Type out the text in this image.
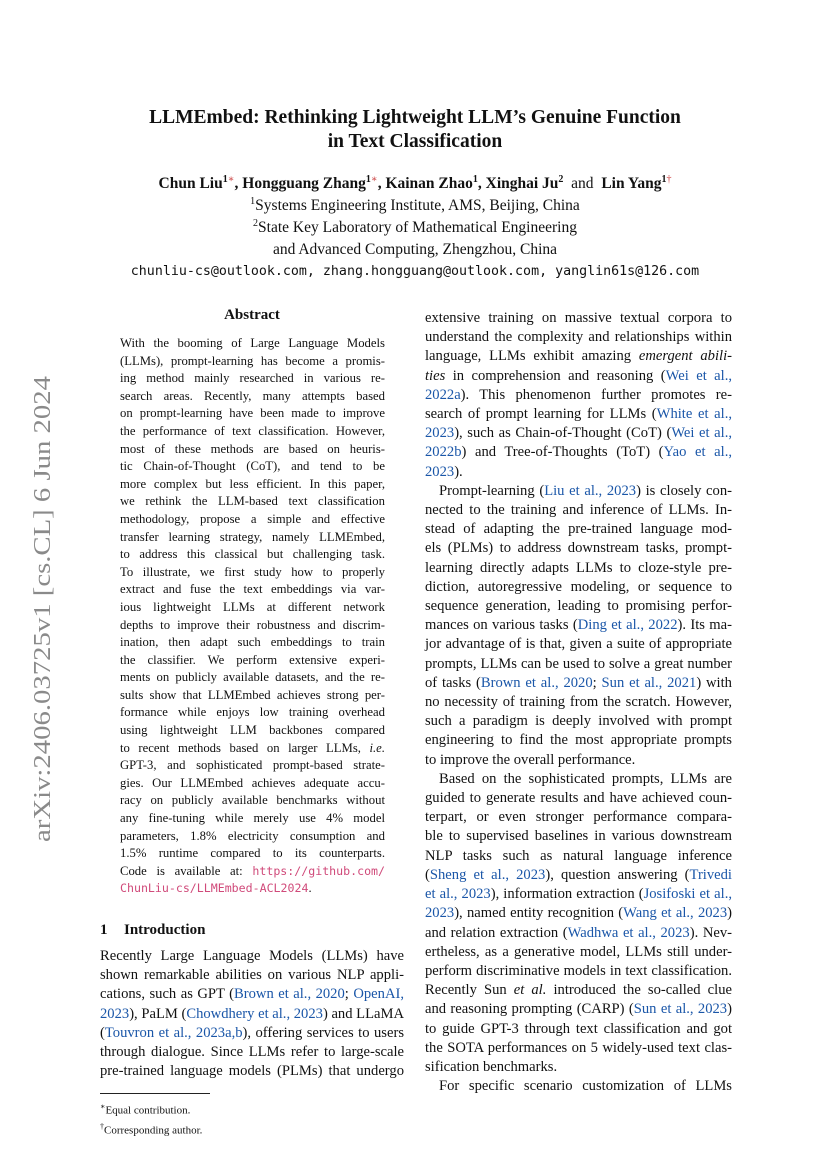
arXiv:2406.03725v1 [cs.CL] 6 Jun 2024
LLMEmbed: Rethinking Lightweight LLM’s Genuine Function
in Text Classification
Chun Liu$^{1∗}$, Hongguang Zhang$^{1∗}$, Kainan Zhao$^1$, Xinghai Ju$^2$ and Lin Yang$^{1\dagger}$
$^1$Systems Engineering Institute, AMS, Beijing, China
$^2$State Key Laboratory of Mathematical Engineering
and Advanced Computing, Zhengzhou, China
chunliu-cs@outlook.com, zhang.hongguang@outlook.com, yanglin61s@126.com
Abstract
With the booming of Large Language Models
(LLMs), prompt-learning has become a promis-
ing method mainly researched in various re-
search areas. Recently, many attempts based
on prompt-learning have been made to improve
the performance of text classification. However,
most of these methods are based on heuris-
tic Chain-of-Thought (CoT), and tend to be
more complex but less efficient. In this paper,
we rethink the LLM-based text classification
methodology, propose a simple and effective
transfer learning strategy, namely LLMEmbed,
to address this classical but challenging task.
To illustrate, we first study how to properly
extract and fuse the text embeddings via var-
ious lightweight LLMs at different network
depths to improve their robustness and discrim-
ination, then adapt such embeddings to train
the classifier. We perform extensive experi-
ments on publicly available datasets, and the re-
sults show that LLMEmbed achieves strong per-
formance while enjoys low training overhead
using lightweight LLM backbones compared
to recent methods based on larger LLMs, i.e.
GPT-3, and sophisticated prompt-based strate-
gies. Our LLMEmbed achieves adequate accu-
racy on publicly available benchmarks without
any fine-tuning while merely use 4% model
parameters, 1.8% electricity consumption and
1.5% runtime compared to its counterparts.
Code is available at: https://github.com/
ChunLiu-cs/LLMEmbed-ACL2024.
1 Introduction
Recently Large Language Models (LLMs) have
shown remarkable abilities on various NLP appli-
cations, such as GPT (Brown et al., 2020; OpenAI,
2023), PaLM (Chowdhery et al., 2023) and LLaMA
(Touvron et al., 2023a,b), offering services to users
through dialogue. Since LLMs refer to large-scale
pre-trained language models (PLMs) that undergo
∗Equal contribution.
†Corresponding author.
extensive training on massive textual corpora to
understand the complexity and relationships within
language, LLMs exhibit amazing emergent abili-
ties in comprehension and reasoning (Wei et al.,
2022a). This phenomenon further promotes re-
search of prompt learning for LLMs (White et al.,
2023), such as Chain-of-Thought (CoT) (Wei et al.,
2022b) and Tree-of-Thoughts (ToT) (Yao et al.,
2023).
Prompt-learning (Liu et al., 2023) is closely con-
nected to the training and inference of LLMs. In-
stead of adapting the pre-trained language mod-
els (PLMs) to address downstream tasks, prompt-
learning directly adapts LLMs to cloze-style pre-
diction, autoregressive modeling, or sequence to
sequence generation, leading to promising perfor-
mances on various tasks (Ding et al., 2022). Its ma-
jor advantage of is that, given a suite of appropriate
prompts, LLMs can be used to solve a great number
of tasks (Brown et al., 2020; Sun et al., 2021) with
no necessity of training from the scratch. However,
such a paradigm is deeply involved with prompt
engineering to find the most appropriate prompts
to improve the overall performance.
Based on the sophisticated prompts, LLMs are
guided to generate results and have achieved coun-
terpart, or even stronger performance compara-
ble to supervised baselines in various downstream
NLP tasks such as natural language inference
(Sheng et al., 2023), question answering (Trivedi
et al., 2023), information extraction (Josifoski et al.,
2023), named entity recognition (Wang et al., 2023)
and relation extraction (Wadhwa et al., 2023). Nev-
ertheless, as a generative model, LLMs still under-
perform discriminative models in text classification.
Recently Sun et al. introduced the so-called clue
and reasoning prompting (CARP) (Sun et al., 2023)
to guide GPT-3 through text classification and got
the SOTA performances on 5 widely-used text clas-
sification benchmarks.
For specific scenario customization of LLMs
